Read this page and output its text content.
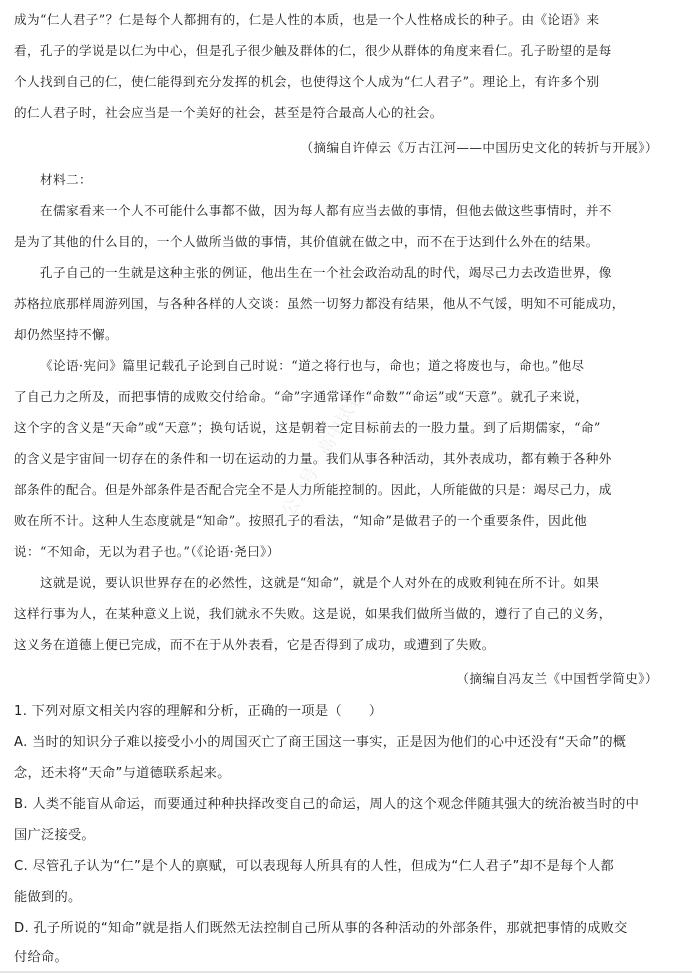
公众号 · 高中试卷
成为“仁人君子”？仁是每个人都拥有的，仁是人性的本质，也是一个人性格成长的种子。由《论语》来
看，孔子的学说是以仁为中心，但是孔子很少触及群体的仁，很少从群体的角度来看仁。孔子盼望的是每
个人找到自己的仁，使仁能得到充分发挥的机会，也使得这个人成为“仁人君子”。理论上，有许多个别
的仁人君子时，社会应当是一个美好的社会，甚至是符合最高人心的社会。
（摘编自许倬云《万古江河——中国历史文化的转折与开展》）
材料二：
在儒家看来一个人不可能什么事都不做，因为每人都有应当去做的事情，但他去做这些事情时，并不
是为了其他的什么目的，一个人做所当做的事情，其价值就在做之中，而不在于达到什么外在的结果。
孔子自己的一生就是这种主张的例证，他出生在一个社会政治动乱的时代，竭尽己力去改造世界，像
苏格拉底那样周游列国，与各种各样的人交谈：虽然一切努力都没有结果，他从不气馁，明知不可能成功，
却仍然坚持不懈。
《论语·宪问》篇里记载孔子论到自己时说：“道之将行也与，命也；道之将废也与，命也。”他尽
了自己力之所及，而把事情的成败交付给命。“命”字通常译作“命数”“命运”或“天意”。就孔子来说，
这个字的含义是“天命”或“天意”；换句话说，这是朝着一定目标前去的一股力量。到了后期儒家，“命”
的含义是宇宙间一切存在的条件和一切在运动的力量。我们从事各种活动，其外表成功，都有赖于各种外
部条件的配合。但是外部条件是否配合完全不是人力所能控制的。因此，人所能做的只是：竭尽己力，成
败在所不计。这种人生态度就是“知命”。按照孔子的看法，“知命”是做君子的一个重要条件，因此他
说：“不知命，无以为君子也。”（《论语·尧曰》）
这就是说，要认识世界存在的必然性，这就是“知命”，就是个人对外在的成败利钝在所不计。如果
这样行事为人，在某种意义上说，我们就永不失败。这是说，如果我们做所当做的，遵行了自己的义务，
这义务在道德上便已完成，而不在于从外表看，它是否得到了成功，或遭到了失败。
（摘编自冯友兰《中国哲学简史》）
1. 下列对原文相关内容的理解和分析，正确的一项是（　　）
A. 当时的知识分子难以接受小小的周国灭亡了商王国这一事实，正是因为他们的心中还没有“天命”的概
念，还未将“天命”与道德联系起来。
B. 人类不能盲从命运，而要通过种种抉择改变自己的命运，周人的这个观念伴随其强大的统治被当时的中
国广泛接受。
C. 尽管孔子认为“仁”是个人的禀赋，可以表现每人所具有的人性，但成为“仁人君子”却不是每个人都
能做到的。
D. 孔子所说的“知命”就是指人们既然无法控制自己所从事的各种活动的外部条件，那就把事情的成败交
付给命。
